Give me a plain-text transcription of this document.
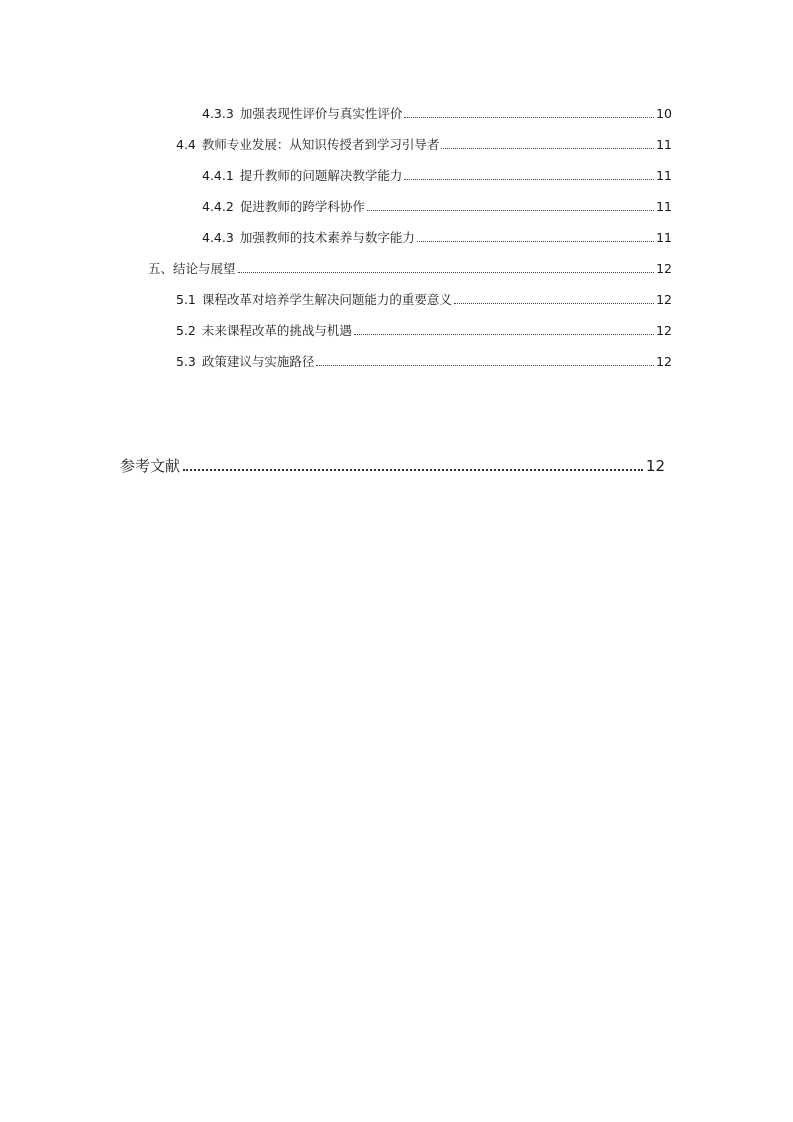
4.3.3 加强表现性评价与真实性评价	10
4.4 教师专业发展：从知识传授者到学习引导者	11
4.4.1 提升教师的问题解决教学能力	11
4.4.2 促进教师的跨学科协作	11
4.4.3 加强教师的技术素养与数字能力	11
五、 结论与展望	12
5.1 课程改革对培养学生解决问题能力的重要意义	12
5.2 未来课程改革的挑战与机遇	12
5.3 政策建议与实施路径	12
参考文献	12
